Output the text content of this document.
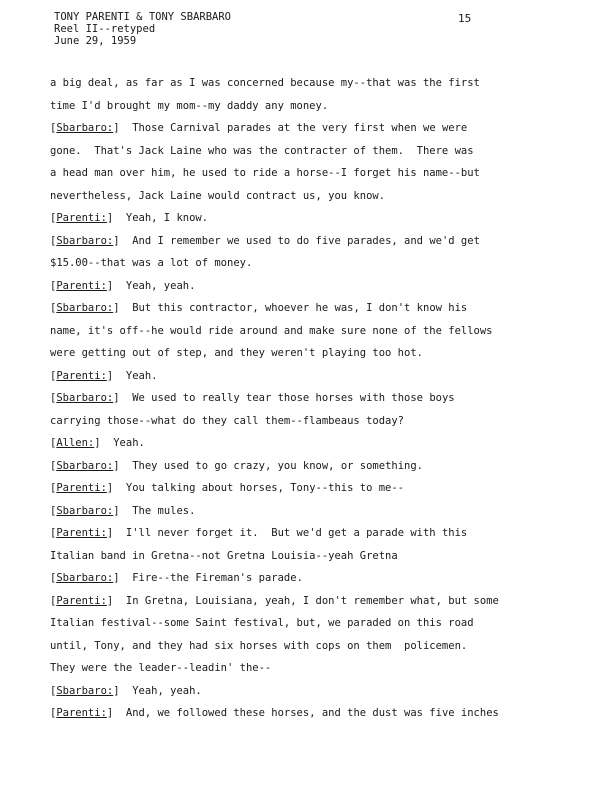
TONY PARENTI & TONY SBARBARO
Reel II--retyped
June 29, 1959
15
a big deal, as far as I was concerned because my--that was the first
time I'd brought my mom--my daddy any money.
[Sbarbaro:]  Those Carnival parades at the very first when we were
gone.  That's Jack Laine who was the contracter of them.  There was
a head man over him, he used to ride a horse--I forget his name--but
nevertheless, Jack Laine would contract us, you know.
[Parenti:]  Yeah, I know.
[Sbarbaro:]  And I remember we used to do five parades, and we'd get
$15.00--that was a lot of money.
[Parenti:]  Yeah, yeah.
[Sbarbaro:]  But this contractor, whoever he was, I don't know his
name, it's off--he would ride around and make sure none of the fellows
were getting out of step, and they weren't playing too hot.
[Parenti:]  Yeah.
[Sbarbaro:]  We used to really tear those horses with those boys
carrying those--what do they call them--flambeaus today?
[Allen:]  Yeah.
[Sbarbaro:]  They used to go crazy, you know, or something.
[Parenti:]  You talking about horses, Tony--this to me--
[Sbarbaro:]  The mules.
[Parenti:]  I'll never forget it.  But we'd get a parade with this
Italian band in Gretna--not Gretna Louisia--yeah Gretna
[Sbarbaro:]  Fire--the Fireman's parade.
[Parenti:]  In Gretna, Louisiana, yeah, I don't remember what, but some
Italian festival--some Saint festival, but, we paraded on this road
until, Tony, and they had six horses with cops on them  policemen.
They were the leader--leadin' the--
[Sbarbaro:]  Yeah, yeah.
[Parenti:]  And, we followed these horses, and the dust was five inches
